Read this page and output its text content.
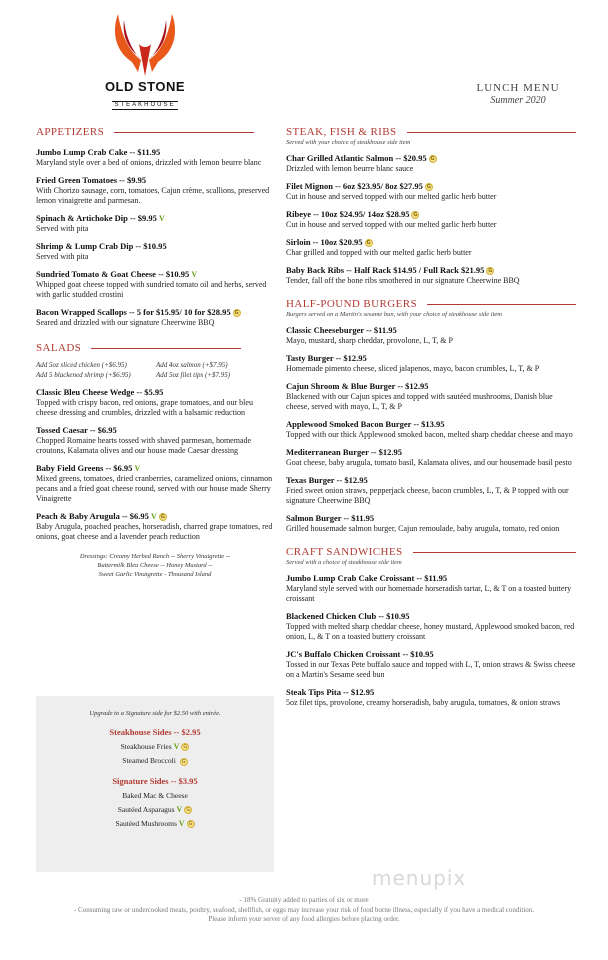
OLD STONE
STEAKHOUSE
LUNCH MENU
Summer 2020
APPETIZERS
Jumbo Lump Crab Cake -- $11.95
Maryland style over a bed of onions, drizzled with lemon beurre blanc
Fried Green Tomatoes -- $9.95
With Chorizo sausage, corn, tomatoes, Cajun crème, scallions, preserved lemon vinaigrette and parmesan.
Spinach & Artichoke Dip -- $9.95 V
Served with pita
Shrimp & Lump Crab Dip -- $10.95
Served with pita
Sundried Tomato & Goat Cheese -- $10.95 V
Whipped goat cheese topped with sundried tomato oil and herbs, served with garlic studded crostini
Bacon Wrapped Scallops -- 5 for $15.95/ 10 for $28.95 G
Seared and drizzled with our signature Cheerwine BBQ
SALADS
Add 5oz sliced chicken (+$6.95)	Add 4oz salmon (+$7.95)
Add 5 blackened shrimp (+$6.95)	Add 5oz filet tips (+$7.95)
Classic Bleu Cheese Wedge -- $5.95
Topped with crispy bacon, red onions, grape tomatoes, and our bleu cheese dressing and crumbles, drizzled with a balsamic reduction
Tossed Caesar -- $6.95
Chopped Romaine hearts tossed with shaved parmesan, homemade croutons, Kalamata olives and our house made Caesar dressing
Baby Field Greens -- $6.95 V
Mixed greens, tomatoes, dried cranberries, caramelized onions, cinnamon pecans and a fried goat cheese round, served with our house made Sherry Vinaigrette
Peach & Baby Arugula -- $6.95 V G
Baby Arugula, poached peaches, horseradish, charred grape tomatoes, red onions, goat cheese and a lavender peach reduction
Dressings: Creamy Herbed Ranch -- Sherry Vinaigrette --
Buttermilk Bleu Cheese -- Honey Mustard --
Sweet Garlic Vinaigrette - Thousand Island
Upgrade to a Signature side for $2.50 with entrée.
Steakhouse Sides -- $2.95
Steakhouse Fries V G
Steamed Broccoli G
Signature Sides -- $3.95
Baked Mac & Cheese
Sautéed Asparagus V G
Sautéed Mushrooms V G
STEAK, FISH & RIBS
Served with your choice of steakhouse side item
Char Grilled Atlantic Salmon -- $20.95 G
Drizzled with lemon beurre blanc sauce
Filet Mignon -- 6oz $23.95/ 8oz $27.95 G
Cut in house and served topped with our melted garlic herb butter
Ribeye -- 10oz $24.95/ 14oz $28.95 G
Cut in house and served topped with our melted garlic herb butter
Sirloin -- 10oz $20.95 G
Char grilled and topped with our melted garlic herb butter
Baby Back Ribs -- Half Rack $14.95 / Full Rack $21.95 G
Tender, fall off the bone ribs smothered in our signature Cheerwine BBQ
HALF-POUND BURGERS
Burgers served on a Martin's sesame bun, with your choice of steakhouse side item
Classic Cheeseburger -- $11.95
Mayo, mustard, sharp cheddar, provolone, L, T, & P
Tasty Burger -- $12.95
Homemade pimento cheese, sliced jalapenos, mayo, bacon crumbles, L, T, & P
Cajun Shroom & Blue Burger -- $12.95
Blackened with our Cajun spices and topped with sautéed mushrooms, Danish blue cheese, served with mayo, L, T, & P
Applewood Smoked Bacon Burger -- $13.95
Topped with our thick Applewood smoked bacon, melted sharp cheddar cheese and mayo
Mediterranean Burger -- $12.95
Goat cheese, baby arugula, tomato basil, Kalamata olives, and our housemade basil pesto
Texas Burger -- $12.95
Fried sweet onion straws, pepperjack cheese, bacon crumbles, L, T, & P topped with our signature Cheerwine BBQ
Salmon Burger -- $11.95
Grilled housemade salmon burger, Cajun remoulade, baby arugula, tomato, red onion
CRAFT SANDWICHES
Served with a choice of steakhouse side item
Jumbo Lump Crab Cake Croissant -- $11.95
Maryland style served with our homemade horseradish tartar, L, & T on a toasted buttery croissant
Blackened Chicken Club -- $10.95
Topped with melted sharp cheddar cheese, honey mustard, Applewood smoked bacon, red onion, L, & T on a toasted buttery croissant
JC's Buffalo Chicken Croissant -- $10.95
Tossed in our Texas Pete buffalo sauce and topped with L, T, onion straws & Swiss cheese on a Martin's Sesame seed bun
Steak Tips Pita -- $12.95
5oz filet tips, provolone, creamy horseradish, baby arugula, tomatoes, & onion straws
menupix
- 18% Gratuity added to parties of six or more
- Consuming raw or undercooked meats, poultry, seafood, shellfish, or eggs may increase your risk of food borne illness, especially if you have a medical condition.
Please inform your server of any food allergies before placing order.
